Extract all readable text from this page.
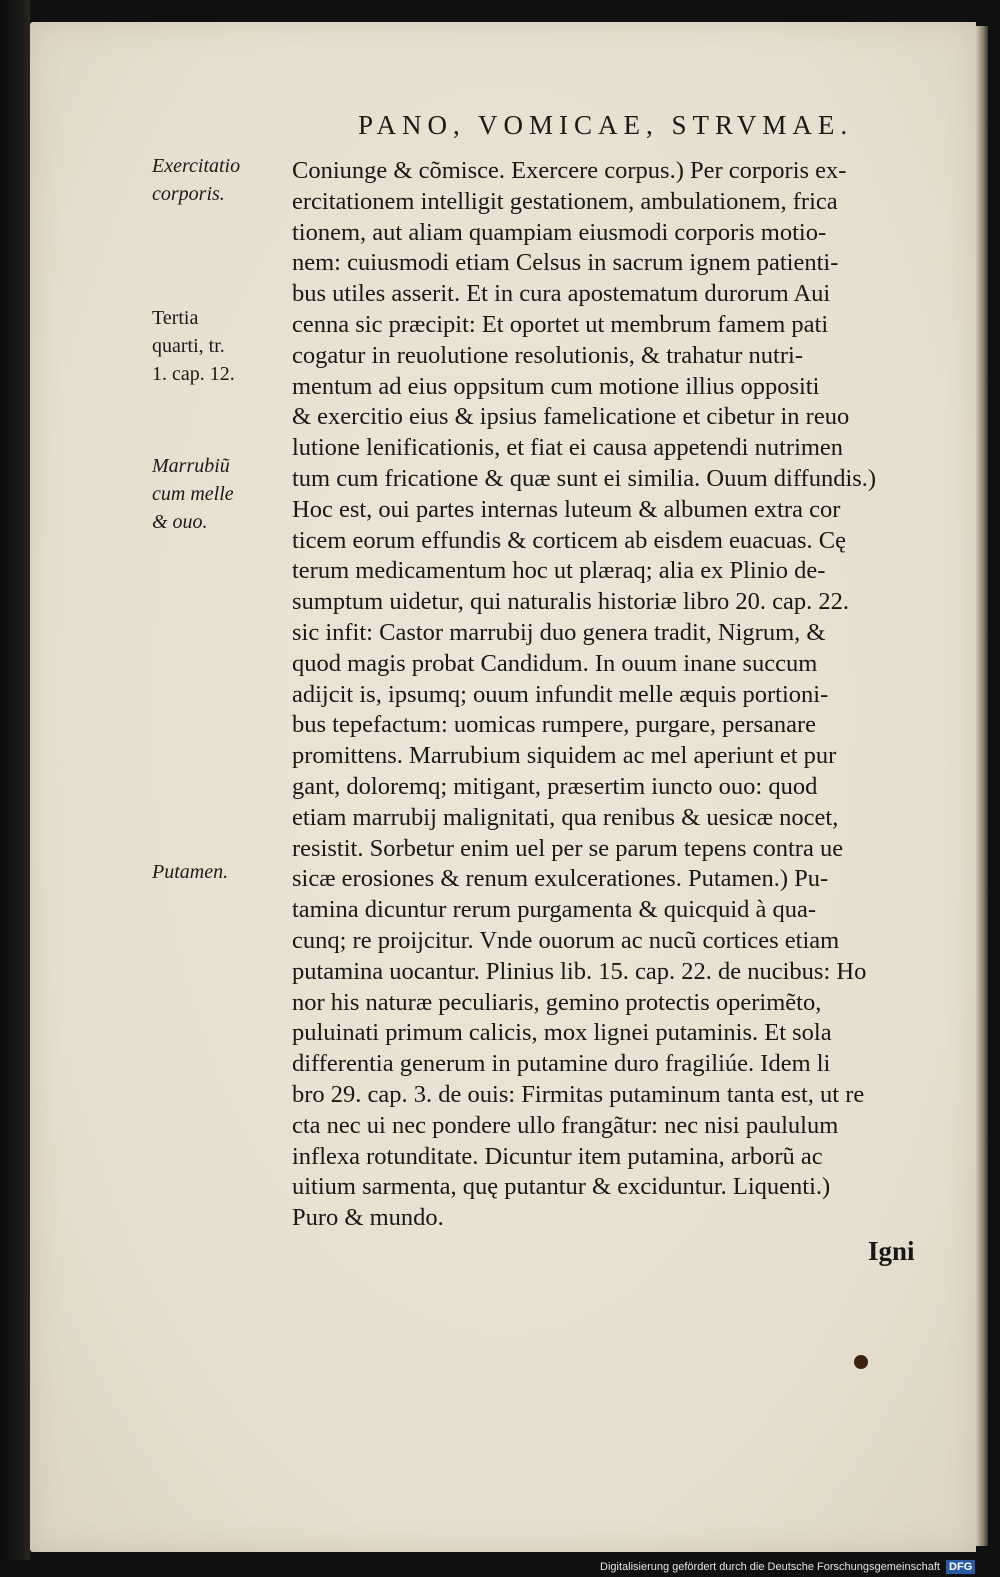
PANO, VOMICAE, STRVMAE.
Exercitatio
corporis.
Tertia
quarti, tr.
1. cap. 12.
Marrubiũ
cum melle
& ouo.
Putamen.
Coniunge & cõmisce. Exercere corpus.) Per corporis ex-
ercitationem intelligit gestationem, ambulationem, frica
tionem, aut aliam quampiam eiusmodi corporis motio-
nem: cuiusmodi etiam Celsus in sacrum ignem patienti-
bus utiles asserit. Et in cura apostematum durorum Aui
cenna sic præcipit: Et oportet ut membrum famem pati
cogatur in reuolutione resolutionis, & trahatur nutri-
mentum ad eius oppsitum cum motione illius oppositi
& exercitio eius & ipsius famelicatione et cibetur in reuo
lutione lenificationis, et fiat ei causa appetendi nutrimen
tum cum fricatione & quæ sunt ei similia. Ouum diffundis.)
Hoc est, oui partes internas luteum & albumen extra cor
ticem eorum effundis & corticem ab eisdem euacuas. Cę
terum medicamentum hoc ut plæraq; alia ex Plinio de-
sumptum uidetur, qui naturalis historiæ libro 20. cap. 22.
sic infit: Castor marrubij duo genera tradit, Nigrum, &
quod magis probat Candidum. In ouum inane succum
adijcit is, ipsumq; ouum infundit melle æquis portioni-
bus tepefactum: uomicas rumpere, purgare, persanare
promittens. Marrubium siquidem ac mel aperiunt et pur
gant, doloremq; mitigant, præsertim iuncto ouo: quod
etiam marrubij malignitati, qua renibus & uesicæ nocet,
resistit. Sorbetur enim uel per se parum tepens contra ue
sicæ erosiones & renum exulcerationes. Putamen.) Pu-
tamina dicuntur rerum purgamenta & quicquid à qua-
cunq; re proijcitur. Vnde ouorum ac nucũ cortices etiam
putamina uocantur. Plinius lib. 15. cap. 22. de nucibus: Ho
nor his naturæ peculiaris, gemino protectis operimẽto,
puluinati primum calicis, mox lignei putaminis. Et sola
differentia generum in putamine duro fragiliúe. Idem li
bro 29. cap. 3. de ouis: Firmitas putaminum tanta est, ut re
cta nec ui nec pondere ullo frangãtur: nec nisi paululum
inflexa rotunditate. Dicuntur item putamina, arborũ ac
uitium sarmenta, quę putantur & exciduntur. Liquenti.)
Puro & mundo.
Igni
Digitalisierung gefördert durch die Deutsche Forschungsgemeinschaft DFG
